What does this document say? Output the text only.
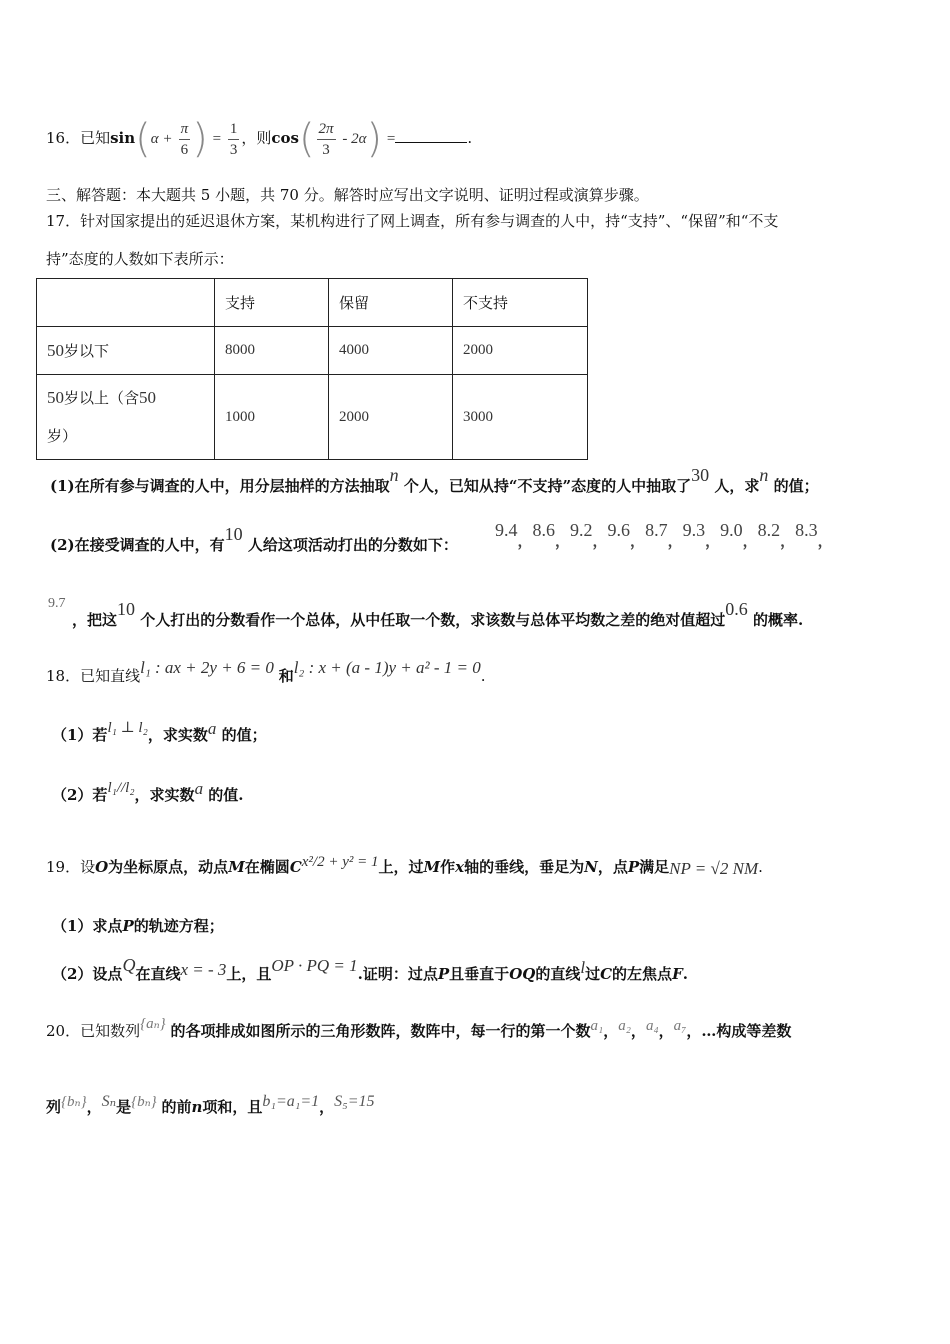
16．已知$\sin(\alpha + \frac{\pi}{6}$ ) = $\frac{1}{3}$ ，则$\cos( \frac{2\pi}{3} - 2\alpha)$ =	.
三、解答题：本大题共 5 小题，共 70 分。解答时应写出文字说明、证明过程或演算步骤。
17．针对国家提出的延迟退休方案，某机构进行了网上调查，所有参与调查的人中，持“支持”、“保留”和“不支
持”态度的人数如下表所示：
	支持	保留	不支持
50岁以下	8000	4000	2000
50岁以上（含50
岁）	1000	2000	3000
(1)在所有参与调查的人中，用分层抽样的方法抽取n 个人，已知从持“不支持”态度的人中抽取了30 人，求n 的值；
(2)在接受调查的人中，有10 人给这项活动打出的分数如下：
$9.4_,8.6_,9.2_,9.6_,8.7_,9.3_,9.0_,8.2_,8.3_,$
9.7
，把这10 个人打出的分数看作一个总体，从中任取一个数，求该数与总体平均数之差的绝对值超过0.6 的概率.
18．已知直线l₁ : ax + 2y + 6 = 0 和l₂ : x + (a - 1)y + a² - 1 = 0.
（1）若l₁ ⊥ l₂，求实数a 的值；
（2）若l₁//l₂，求实数a 的值.
19．设O为坐标原点，动点M在椭圆Cx²/2 + y² = 1上，过M作x轴的垂线，垂足为N，点P满足NP = √2 NM.
（1）求点P的轨迹方程；
（2）设点Q在直线x = - 3上，且OP · PQ = 1.证明：过点P且垂直于OQ的直线l过C的左焦点F.
20．已知数列{aₙ} 的各项排成如图所示的三角形数阵，数阵中，每一行的第一个数a₁，a₂，a₄，a₇，…构成等差数
列{bₙ}，Sₙ是{bₙ} 的前n项和，且b₁=a₁=1，S₅=15
